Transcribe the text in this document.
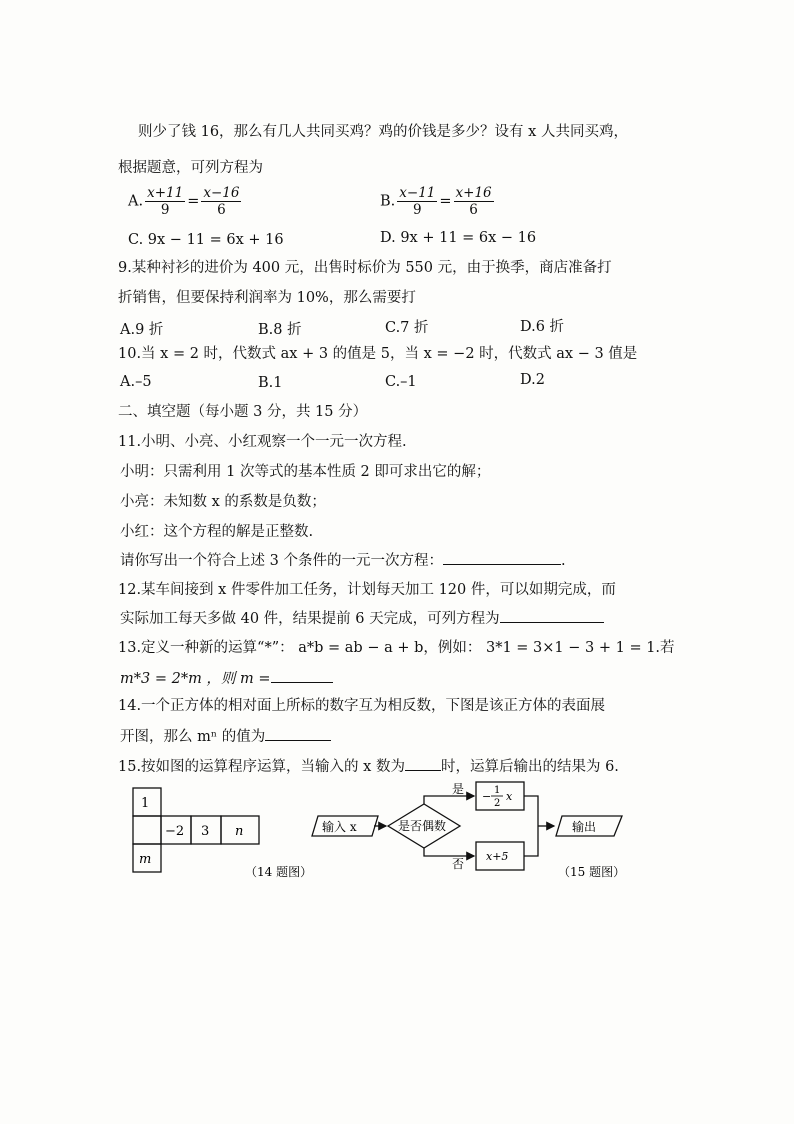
则少了钱 16，那么有几人共同买鸡？鸡的价钱是多少？设有 x 人共同买鸡，
根据题意，可列方程为
A. $\frac{x+11}{9} = \frac{x-16}{6}$	B. $\frac{x-11}{9} = \frac{x+16}{6}$
C. 9x − 11 = 6x + 16	D. 9x + 11 = 6x − 16
9.某种衬衫的进价为 400 元，出售时标价为 550 元，由于换季，商店准备打
折销售，但要保持利润率为 10%，那么需要打
A.9 折	B.8 折	C.7 折	D.6 折
10.当 x = 2 时，代数式 ax + 3 的值是 5，当 x = −2 时，代数式 ax − 3 值是
A.–5	B.1	C.–1	D.2
二、填空题（每小题 3 分，共 15 分）
11.小明、小亮、小红观察一个一元一次方程.
小明：只需利用 1 次等式的基本性质 2 即可求出它的解；
小亮：未知数 x 的系数是负数；
小红：这个方程的解是正整数.
请你写出一个符合上述 3 个条件的一元一次方程：	.
12.某车间接到 x 件零件加工任务，计划每天加工 120 件，可以如期完成，而
实际加工每天多做 40 件，结果提前 6 天完成，可列方程为
13.定义一种新的运算“*”： a*b = ab − a + b，例如： 3*1 = 3×1 − 3 + 1 = 1.若
m*3 = 2*m ，则 m =
14.一个正方体的相对面上所标的数字互为相反数，下图是该正方体的表面展
开图，那么 mⁿ 的值为
15.按如图的运算程序运算，当输入的 x 数为 时，运算后输出的结果为 6.
1
−2 3 n
m
（14 题图）
输入 x	是否偶数
是
否
− 1
2
x
x+5
输出
（15 题图）
